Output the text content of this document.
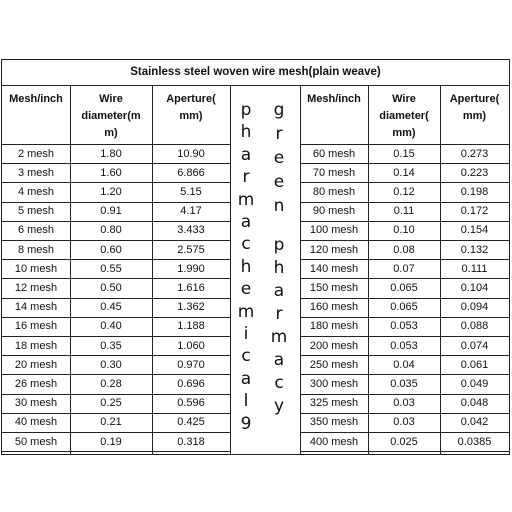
Stainless steel woven wire mesh(plain weave)
Mesh/inch	Wire
diameter(m
m)
Aperture(
mm)
Mesh/inch	Wire
diameter(
mm)
Aperture(
mm)
2 mesh	1.80	10.90
3 mesh	1.60	6.866
4 mesh	1.20	5.15
5 mesh	0.91	4.17
6 mesh	0.80	3.433
8 mesh	0.60	2.575
10 mesh	0.55	1.990
12 mesh	0.50	1.616
14 mesh	0.45	1.362
16 mesh	0.40	1.188
18 mesh	0.35	1.060
20 mesh	0.30	0.970
26 mesh	0.28	0.696
30 mesh	0.25	0.596
40 mesh	0.21	0.425
50 mesh	0.19	0.318
60 mesh	0.15	0.273
70 mesh	0.14	0.223
80 mesh	0.12	0.198
90 mesh	0.11	0.172
100 mesh	0.10	0.154
120 mesh	0.08	0.132
140 mesh	0.07	0.111
150 mesh	0.065	0.104
160 mesh	0.065	0.094
180 mesh	0.053	0.088
200 mesh	0.053	0.074
250 mesh	0.04	0.061
300 mesh	0.035	0.049
325 mesh	0.03	0.048
350 mesh	0.03	0.042
400 mesh	0.025	0.0385
p
h
a
r
m
a
c
h
e
m
i
c
a
l
9
g
r
e
e
n
p
h
a
r
m
a
c
y
